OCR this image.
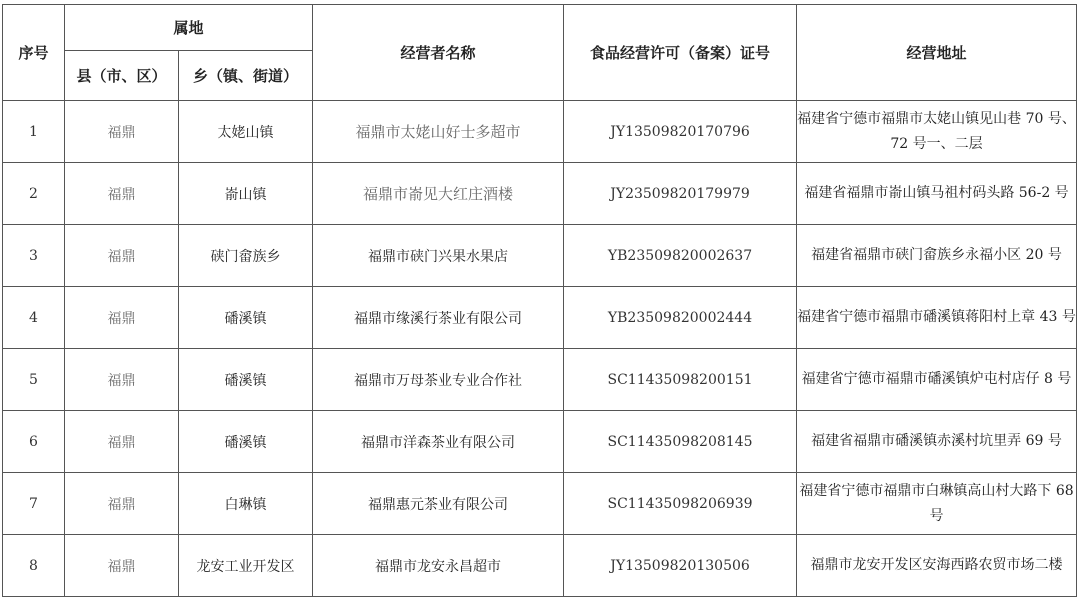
序号	属地		经营者名称	食品经营许可（备案）证号	经营地址
	县（市、区）	乡（镇、街道）			
1	福鼎	太姥山镇	福鼎市太姥山好士多超市	JY13509820170796	福建省宁德市福鼎市太姥山镇见山巷 70 号、72 号一、二层
2	福鼎	嵛山镇	福鼎市嵛见大红庄酒楼	JY23509820179979	福建省福鼎市嵛山镇马祖村码头路 56-2 号
3	福鼎	硖门畲族乡	福鼎市硖门兴果水果店	YB23509820002637	福建省福鼎市硖门畲族乡永福小区 20 号
4	福鼎	磻溪镇	福鼎市缘溪行茶业有限公司	YB23509820002444	福建省宁德市福鼎市磻溪镇蒋阳村上章 43 号
5	福鼎	磻溪镇	福鼎市万母茶业专业合作社	SC11435098200151	福建省宁德市福鼎市磻溪镇炉屯村店仔 8 号
6	福鼎	磻溪镇	福鼎市洋森茶业有限公司	SC11435098208145	福建省福鼎市磻溪镇赤溪村坑里弄 69 号
7	福鼎	白琳镇	福鼎惠元茶业有限公司	SC11435098206939	福建省宁德市福鼎市白琳镇高山村大路下 68 号
8	福鼎	龙安工业开发区	福鼎市龙安永昌超市	JY13509820130506	福鼎市龙安开发区安海西路农贸市场二楼
